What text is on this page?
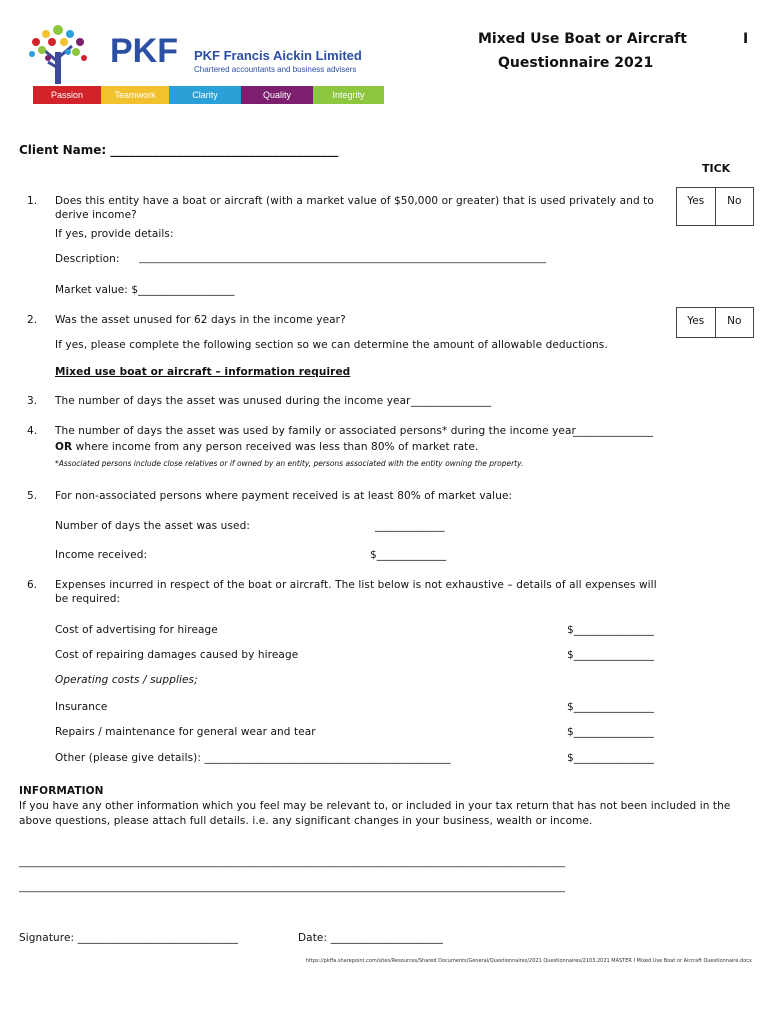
PKF PKF Francis Aickin Limited
Chartered accountants and business advisers
Passion	Teamwork	Clarity	Quality	Integrity
Mixed Use Boat or Aircraft
Questionnaire 2021
I
Client Name: ______________________________________
TICK
1. Does this entity have a boat or aircraft (with a market value of $50,000 or greater) that is used privately and to derive income?
Yes	No
If yes, provide details:
Description: ____________________________________________________________________________________
Market value: $__________________
2. Was the asset unused for 62 days in the income year?	Yes	No
If yes, please complete the following section so we can determine the amount of allowable deductions.
Mixed use boat or aircraft – information required
3. The number of days the asset was unused during the income year _______________
4. The number of days the asset was used by family or associated persons* during the income year
_______________
OR where income from any person received was less than 80% of market rate.
*Associated persons include close relatives or if owned by an entity, persons associated with the entity owning the property.
5. For non-associated persons where payment received is at least 80% of market value:
Number of days the asset was used:	_____________
Income received:	$_____________
6. Expenses incurred in respect of the boat or aircraft. The list below is not exhaustive – details of all expenses will be required:
Cost of advertising for hireage	$_______________
Cost of repairing damages caused by hireage	$_______________
Operating costs / supplies;
Insurance	$_______________
Repairs / maintenance for general wear and tear	$_______________
Other (please give details): ______________________________________________	$_______________
INFORMATION
If you have any other information which you feel may be relevant to, or included in your tax return that has not been included in the above questions, please attach full details. i.e. any significant changes in your business, wealth or income.
___________________________________________________________________________________________________________________
___________________________________________________________________________________________________________________
Signature: ______________________________	Date: _____________________
https://pkffa.sharepoint.com/sites/Resources/Shared Documents/General/Questionnaires/2021 Questionnaires/2103.2021 MASTER I Mixed Use Boat or Aircraft Questionnaire.docx
